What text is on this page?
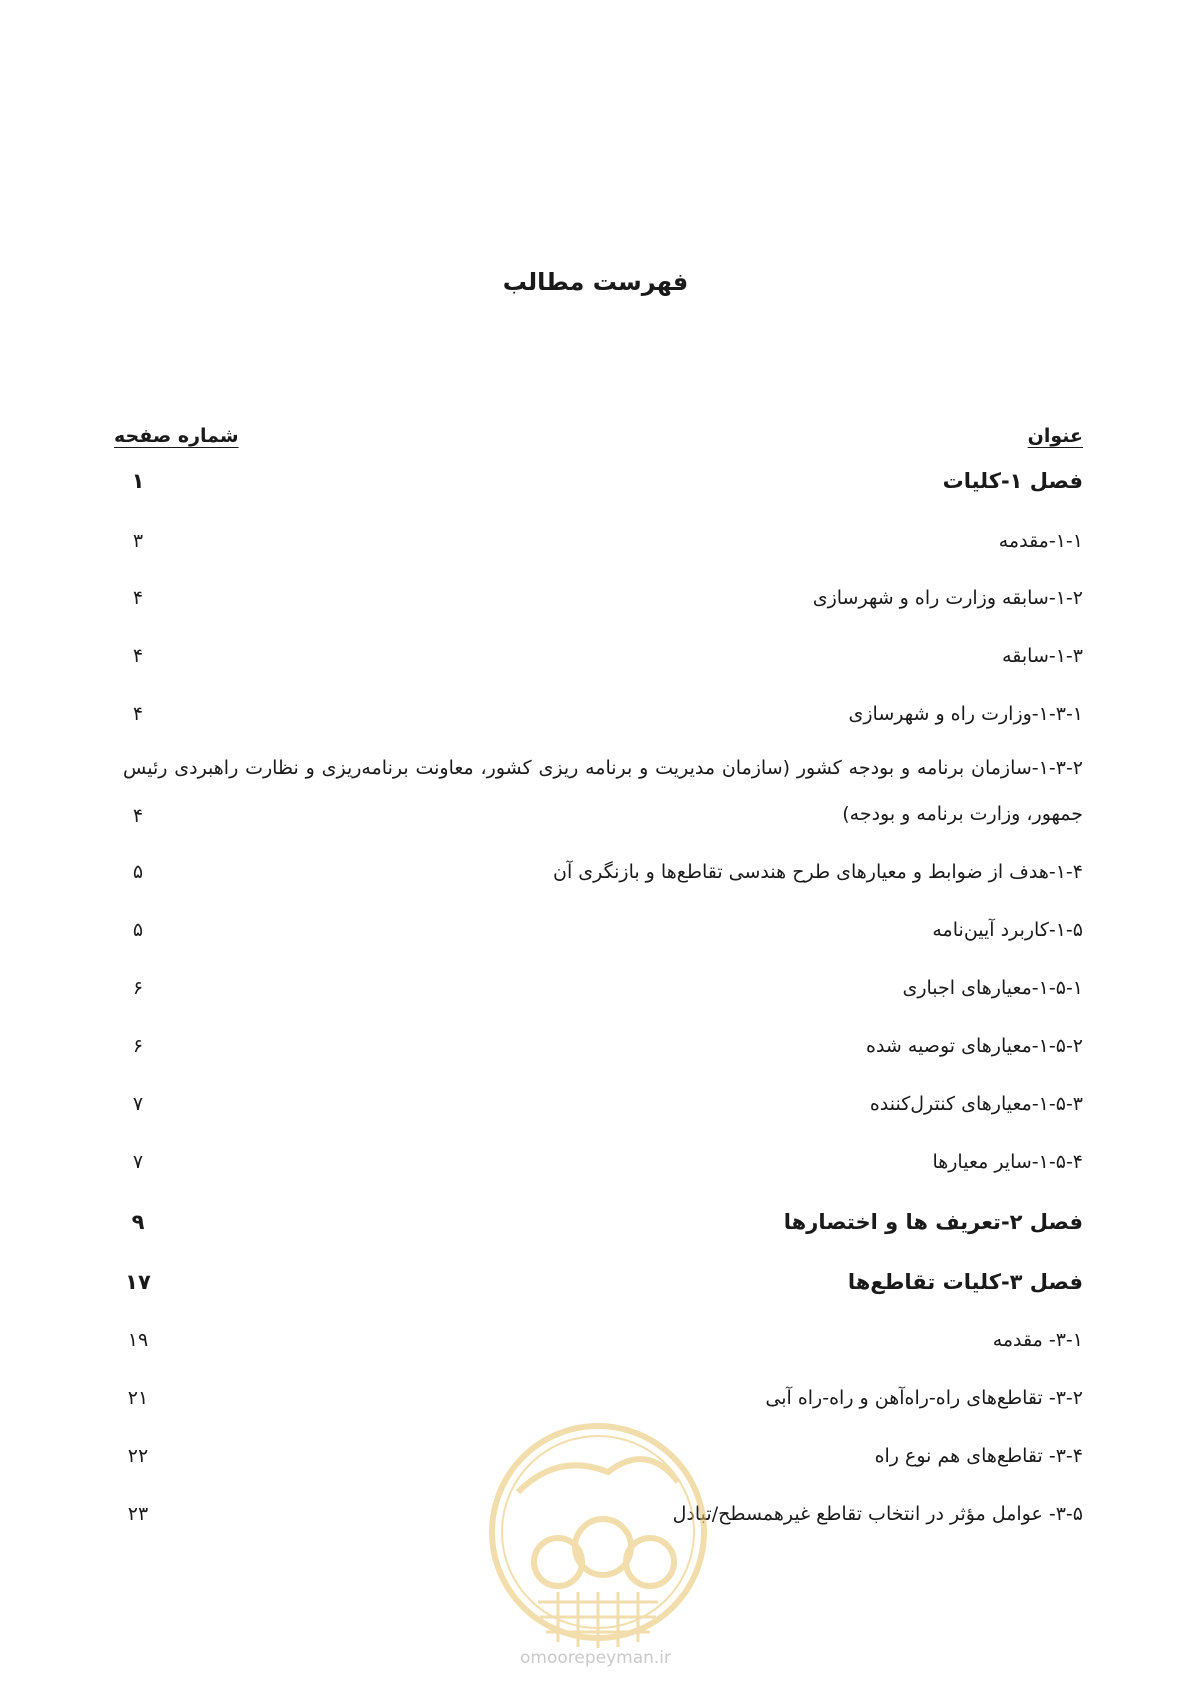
فهرست مطالب
عنوان
شماره صفحه
فصل ۱-کلیات
۱
۱-۱-مقدمه
۳
۱-۲-سابقه وزارت راه و شهرسازی
۴
۱-۳-سابقه
۴
۱-۳-۱-وزارت راه و شهرسازی
۴
۱-۳-۲-سازمان برنامه و بودجه کشور (سازمان مدیریت و برنامه ریزی کشور، معاونت برنامه‌ریزی و نظارت راهبردی رئیس جمهور، وزارت برنامه و بودجه)
۴
۱-۴-هدف از ضوابط و معیارهای طرح هندسی تقاطع‌ها و بازنگری آن
۵
۱-۵-کاربرد آیین‌نامه
۵
۱-۵-۱-معیارهای اجباری
۶
۱-۵-۲-معیارهای توصیه شده
۶
۱-۵-۳-معیارهای کنترل‌کننده
۷
۱-۵-۴-سایر معیارها
۷
فصل ۲-تعریف ها و اختصارها
۹
فصل ۳-کلیات تقاطع‌ها
۱۷
۳-۱- مقدمه
۱۹
۳-۲- تقاطع‌های راه-راه‌آهن و راه-راه آبی
۲۱
۳-۴- تقاطع‌های هم نوع راه
۲۲
۳-۵- عوامل مؤثر در انتخاب تقاطع غیرهمسطح/تبادل
۲۳
omoorepeyman.ir
